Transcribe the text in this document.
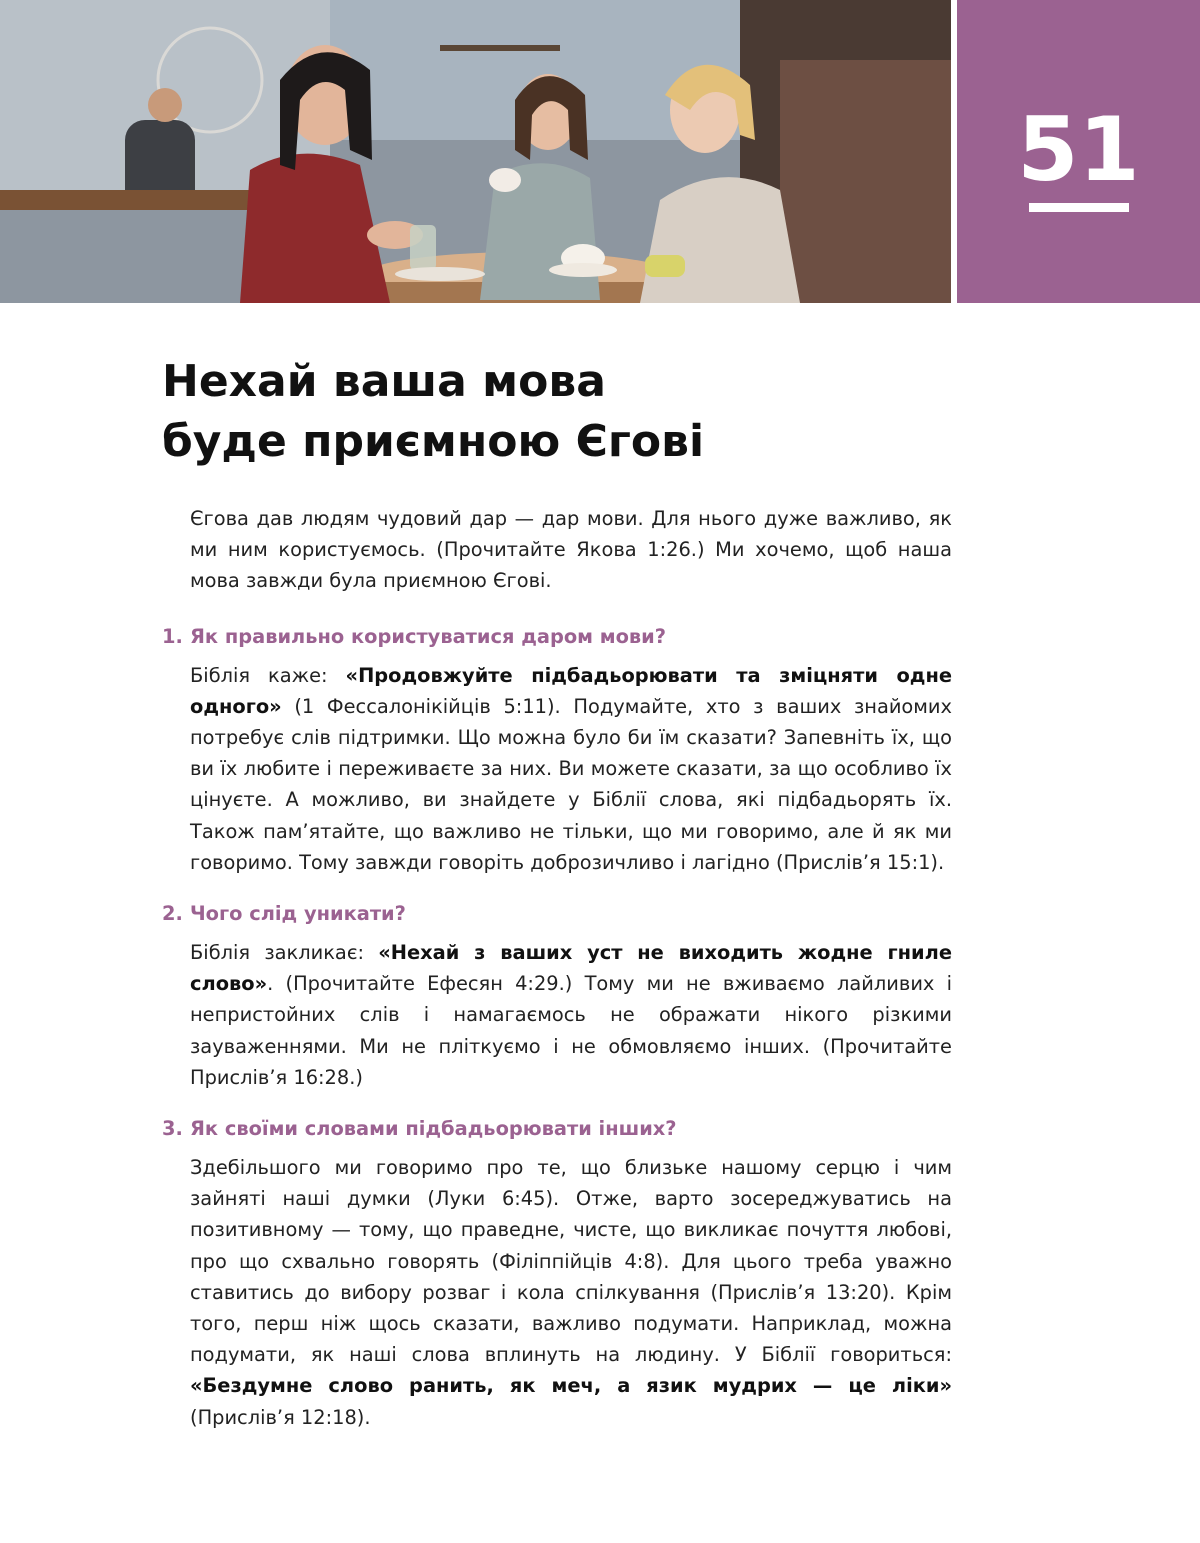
51
Нехай ваша мова
буде приємною Єгові

Єгова дав людям чудовий дар — дар мови. Для нього дуже важливо, як ми ним користуємось. (Прочитайте Якова 1:26.) Ми хочемо, щоб наша мова завжди була приємною Єгові.

1. Як правильно користуватися даром мови?

Біблія каже: «Продовжуйте підбадьорювати та зміцняти одне одного» (1 Фессалонікійців 5:11). Подумайте, хто з ваших знайомих потребує слів підтримки. Що можна було би їм сказати? Запевніть їх, що ви їх любите і переживаєте за них. Ви можете сказати, за що особливо їх цінуєте. А можливо, ви знайдете у Біблії слова, які підбадьорять їх. Також пам’ятайте, що важливо не тільки, що ми говоримо, але й як ми говоримо. Тому завжди говоріть доброзичливо і лагідно (Прислів’я 15:1).

2. Чого слід уникати?

Біблія закликає: «Нехай з ваших уст не виходить жодне гниле слово». (Прочитайте Ефесян 4:29.) Тому ми не вживаємо лайливих і непристойних слів і намагаємось не ображати нікого різкими зауваженнями. Ми не пліткуємо і не обмовляємо інших. (Прочитайте Прислів’я 16:28.)

3. Як своїми словами підбадьорювати інших?

Здебільшого ми говоримо про те, що близьке нашому серцю і чим зайняті наші думки (Луки 6:45). Отже, варто зосереджуватись на позитивному — тому, що праведне, чисте, що викликає почуття любові, про що схвально говорять (Філіппійців 4:8). Для цього треба уважно ставитись до вибору розваг і кола спілкування (Прислів’я 13:20). Крім того, перш ніж щось сказати, важливо подумати. Наприклад, можна подумати, як наші слова вплинуть на людину. У Біблії говориться: «Бездумне слово ранить, як меч, а язик мудрих — це ліки» (Прислів’я 12:18).
